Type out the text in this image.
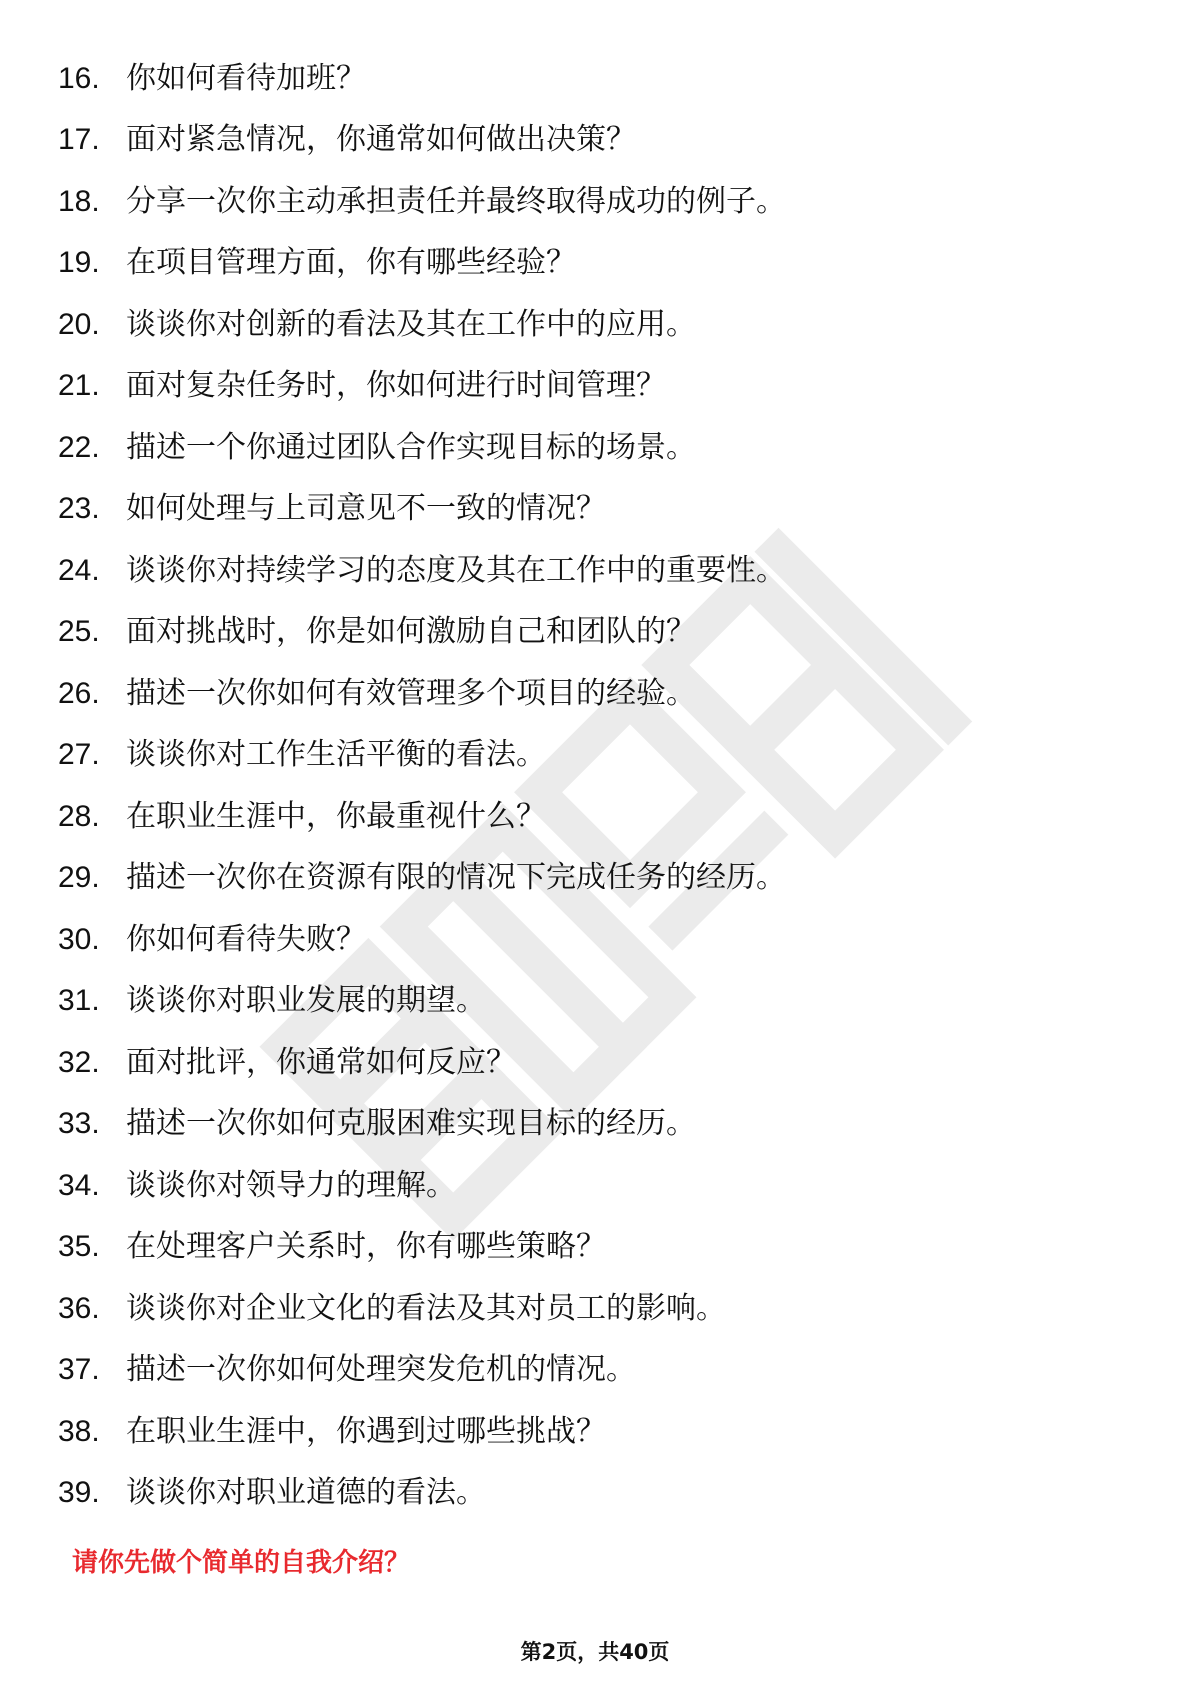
16. 你如何看待加班？
17. 面对紧急情况，你通常如何做出决策？
18. 分享一次你主动承担责任并最终取得成功的例子。
19. 在项目管理方面，你有哪些经验？
20. 谈谈你对创新的看法及其在工作中的应用。
21. 面对复杂任务时，你如何进行时间管理？
22. 描述一个你通过团队合作实现目标的场景。
23. 如何处理与上司意见不一致的情况？
24. 谈谈你对持续学习的态度及其在工作中的重要性。
25. 面对挑战时，你是如何激励自己和团队的？
26. 描述一次你如何有效管理多个项目的经验。
27. 谈谈你对工作生活平衡的看法。
28. 在职业生涯中，你最重视什么？
29. 描述一次你在资源有限的情况下完成任务的经历。
30. 你如何看待失败？
31. 谈谈你对职业发展的期望。
32. 面对批评，你通常如何反应？
33. 描述一次你如何克服困难实现目标的经历。
34. 谈谈你对领导力的理解。
35. 在处理客户关系时，你有哪些策略？
36. 谈谈你对企业文化的看法及其对员工的影响。
37. 描述一次你如何处理突发危机的情况。
38. 在职业生涯中，你遇到过哪些挑战？
39. 谈谈你对职业道德的看法。
请你先做个简单的自我介绍？
第2页，共40页
